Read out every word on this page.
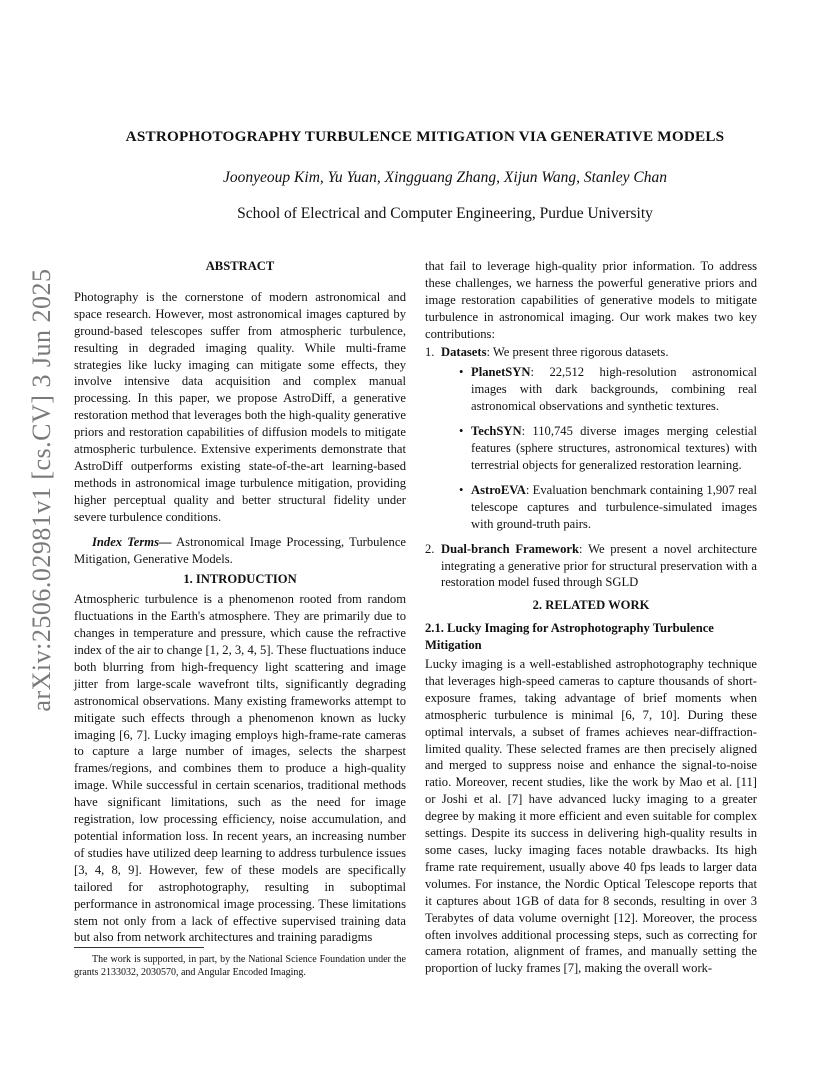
arXiv:2506.02981v1 [cs.CV] 3 Jun 2025
ASTROPHOTOGRAPHY TURBULENCE MITIGATION VIA GENERATIVE MODELS
Joonyeoup Kim, Yu Yuan, Xingguang Zhang, Xijun Wang, Stanley Chan
School of Electrical and Computer Engineering, Purdue University
ABSTRACT

Photography is the cornerstone of modern astronomical and space research. However, most astronomical images captured by ground-based telescopes suffer from atmospheric turbulence, resulting in degraded imaging quality. While multi-frame strategies like lucky imaging can mitigate some effects, they involve intensive data acquisition and complex manual processing. In this paper, we propose AstroDiff, a generative restoration method that leverages both the high-quality generative priors and restoration capabilities of diffusion models to mitigate atmospheric turbulence. Extensive experiments demonstrate that AstroDiff outperforms existing state-of-the-art learning-based methods in astronomical image turbulence mitigation, providing higher perceptual quality and better structural fidelity under severe turbulence conditions.

Index Terms— Astronomical Image Processing, Turbulence Mitigation, Generative Models.

1. INTRODUCTION

Atmospheric turbulence is a phenomenon rooted from random fluctuations in the Earth's atmosphere. They are primarily due to changes in temperature and pressure, which cause the refractive index of the air to change [1, 2, 3, 4, 5]. These fluctuations induce both blurring from high-frequency light scattering and image jitter from large-scale wavefront tilts, significantly degrading astronomical observations. Many existing frameworks attempt to mitigate such effects through a phenomenon known as lucky imaging [6, 7]. Lucky imaging employs high-frame-rate cameras to capture a large number of images, selects the sharpest frames/regions, and combines them to produce a high-quality image. While successful in certain scenarios, traditional methods have significant limitations, such as the need for image registration, low processing efficiency, noise accumulation, and potential information loss. In recent years, an increasing number of studies have utilized deep learning to address turbulence issues [3, 4, 8, 9]. However, few of these models are specifically tailored for astrophotography, resulting in suboptimal performance in astronomical image processing. These limitations stem not only from a lack of effective supervised training data but also from network architectures and training paradigms

that fail to leverage high-quality prior information. To address these challenges, we harness the powerful generative priors and image restoration capabilities of generative models to mitigate turbulence in astronomical imaging. Our work makes two key contributions:

1. Datasets: We present three rigorous datasets.
• PlanetSYN: 22,512 high-resolution astronomical images with dark backgrounds, combining real astronomical observations and synthetic textures.
• TechSYN: 110,745 diverse images merging celestial features (sphere structures, astronomical textures) with terrestrial objects for generalized restoration learning.
• AstroEVA: Evaluation benchmark containing 1,907 real telescope captures and turbulence-simulated images with ground-truth pairs.
2. Dual-branch Framework: We present a novel architecture integrating a generative prior for structural preservation with a restoration model fused through SGLD
2. RELATED WORK
2.1. Lucky Imaging for Astrophotography Turbulence Mitigation

Lucky imaging is a well-established astrophotography technique that leverages high-speed cameras to capture thousands of short-exposure frames, taking advantage of brief moments when atmospheric turbulence is minimal [6, 7, 10]. During these optimal intervals, a subset of frames achieves near-diffraction-limited quality. These selected frames are then precisely aligned and merged to suppress noise and enhance the signal-to-noise ratio. Moreover, recent studies, like the work by Mao et al. [11] or Joshi et al. [7] have advanced lucky imaging to a greater degree by making it more efficient and even suitable for complex settings. Despite its success in delivering high-quality results in some cases, lucky imaging faces notable drawbacks. Its high frame rate requirement, usually above 40 fps leads to larger data volumes. For instance, the Nordic Optical Telescope reports that it captures about 1GB of data for 8 seconds, resulting in over 3 Terabytes of data volume overnight [12]. Moreover, the process often involves additional processing steps, such as correcting for camera rotation, alignment of frames, and manually setting the proportion of lucky frames [7], making the overall work-

The work is supported, in part, by the National Science Foundation under the grants 2133032, 2030570, and Angular Encoded Imaging.
